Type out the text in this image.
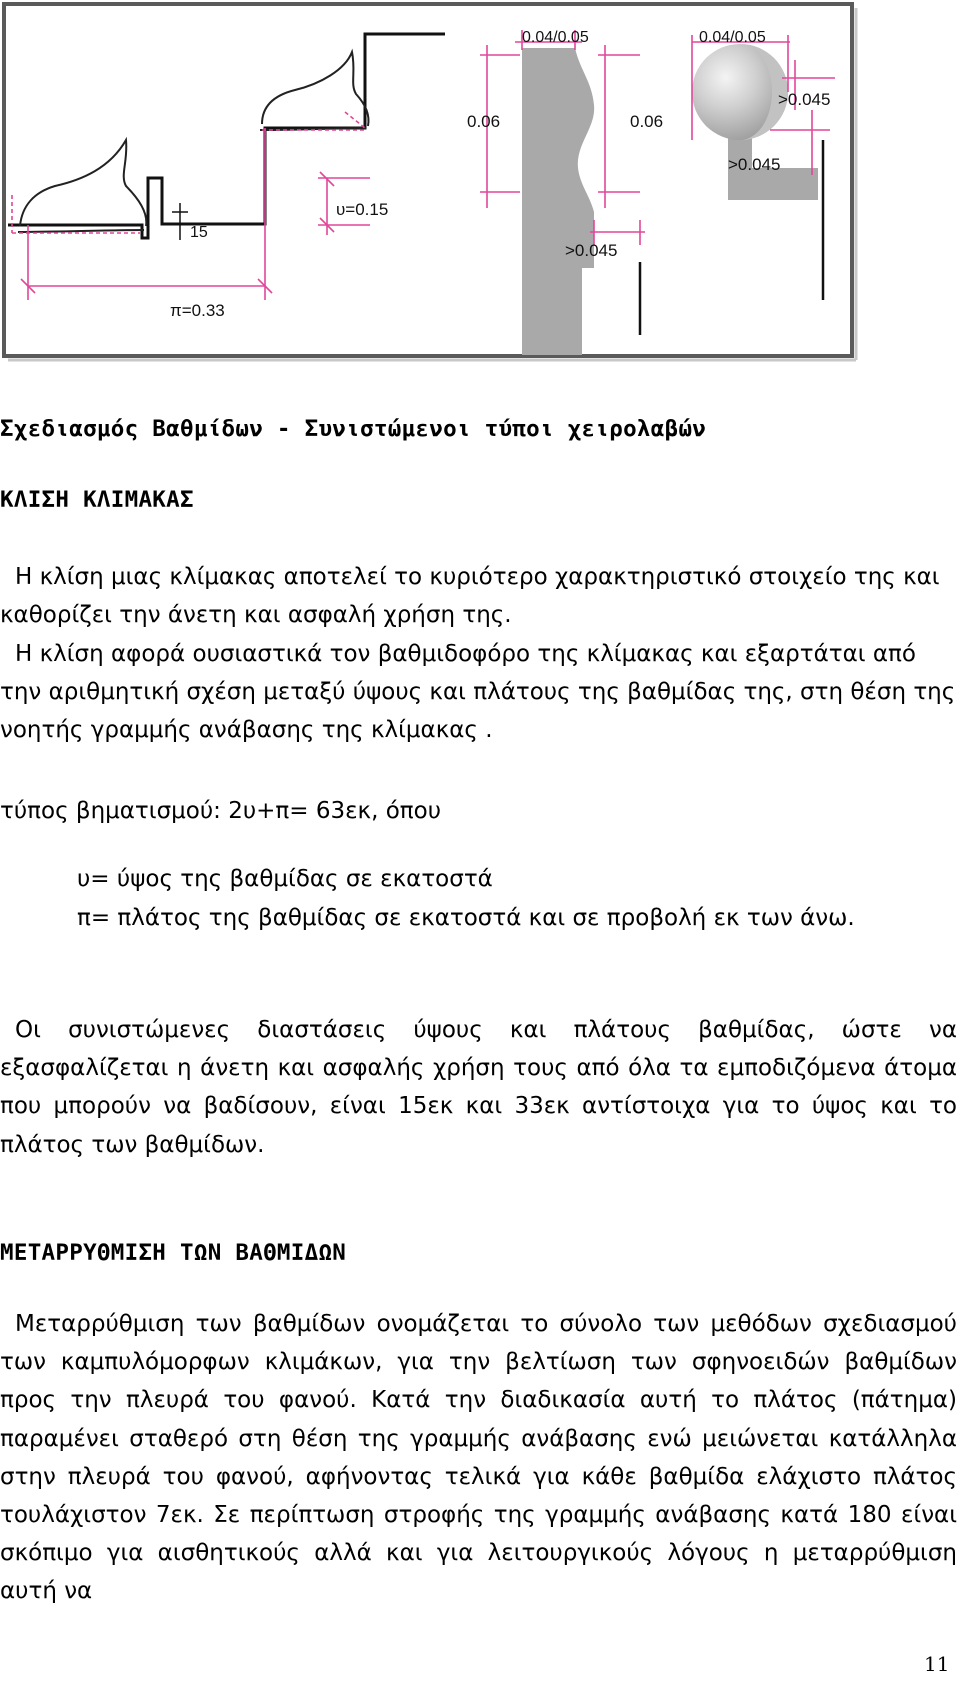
π=0.33
υ=0.15
15
0.04/0.05	0.04/0.05
0.06	0.06
>0.045
>0.045
>0.045
Σχεδιασμός Βαθμίδων - Συνιστώμενοι τύποι χειρολαβών
ΚΛΙΣΗ ΚΛΙΜΑΚΑΣ

Η κλίση μιας κλίμακας αποτελεί το κυριότερο χαρακτηριστικό στοιχείο της και καθορίζει την άνετη και ασφαλή χρήση της.

Η κλίση αφορά ουσιαστικά τον βαθμιδοφόρο της κλίμακας και εξαρτάται από την αριθμητική σχέση μεταξύ ύψους και πλάτους της βαθμίδας της, στη θέση της νοητής γραμμής ανάβασης της κλίμακας .

τύπος βηματισμού: 2υ+π= 63εκ, όπου

υ= ύψος της βαθμίδας σε εκατοστά

π= πλάτος της βαθμίδας σε εκατοστά και σε προβολή εκ των άνω.

Οι συνιστώμενες διαστάσεις ύψους και πλάτους βαθμίδας, ώστε να εξασφαλίζεται η άνετη και ασφαλής χρήση τους από όλα τα εμποδιζόμενα άτομα που μπορούν να βαδίσουν, είναι 15εκ και 33εκ αντίστοιχα για το ύψος και το πλάτος των βαθμίδων.

ΜΕΤΑΡΡΥΘΜΙΣΗ ΤΩΝ ΒΑΘΜΙΔΩΝ

Μεταρρύθμιση των βαθμίδων ονομάζεται το σύνολο των μεθόδων σχεδιασμού των καμπυλόμορφων κλιμάκων, για την βελτίωση των σφηνοειδών βαθμίδων προς την πλευρά του φανού. Κατά την διαδικασία αυτή το πλάτος (πάτημα) παραμένει σταθερό στη θέση της γραμμής ανάβασης ενώ μειώνεται κατάλληλα στην πλευρά του φανού, αφήνοντας τελικά για κάθε βαθμίδα ελάχιστο πλάτος τουλάχιστον 7εκ. Σε περίπτωση στροφής της γραμμής ανάβασης κατά 180 είναι σκόπιμο για αισθητικούς αλλά και για λειτουργικούς λόγους η μεταρρύθμιση αυτή να

11
